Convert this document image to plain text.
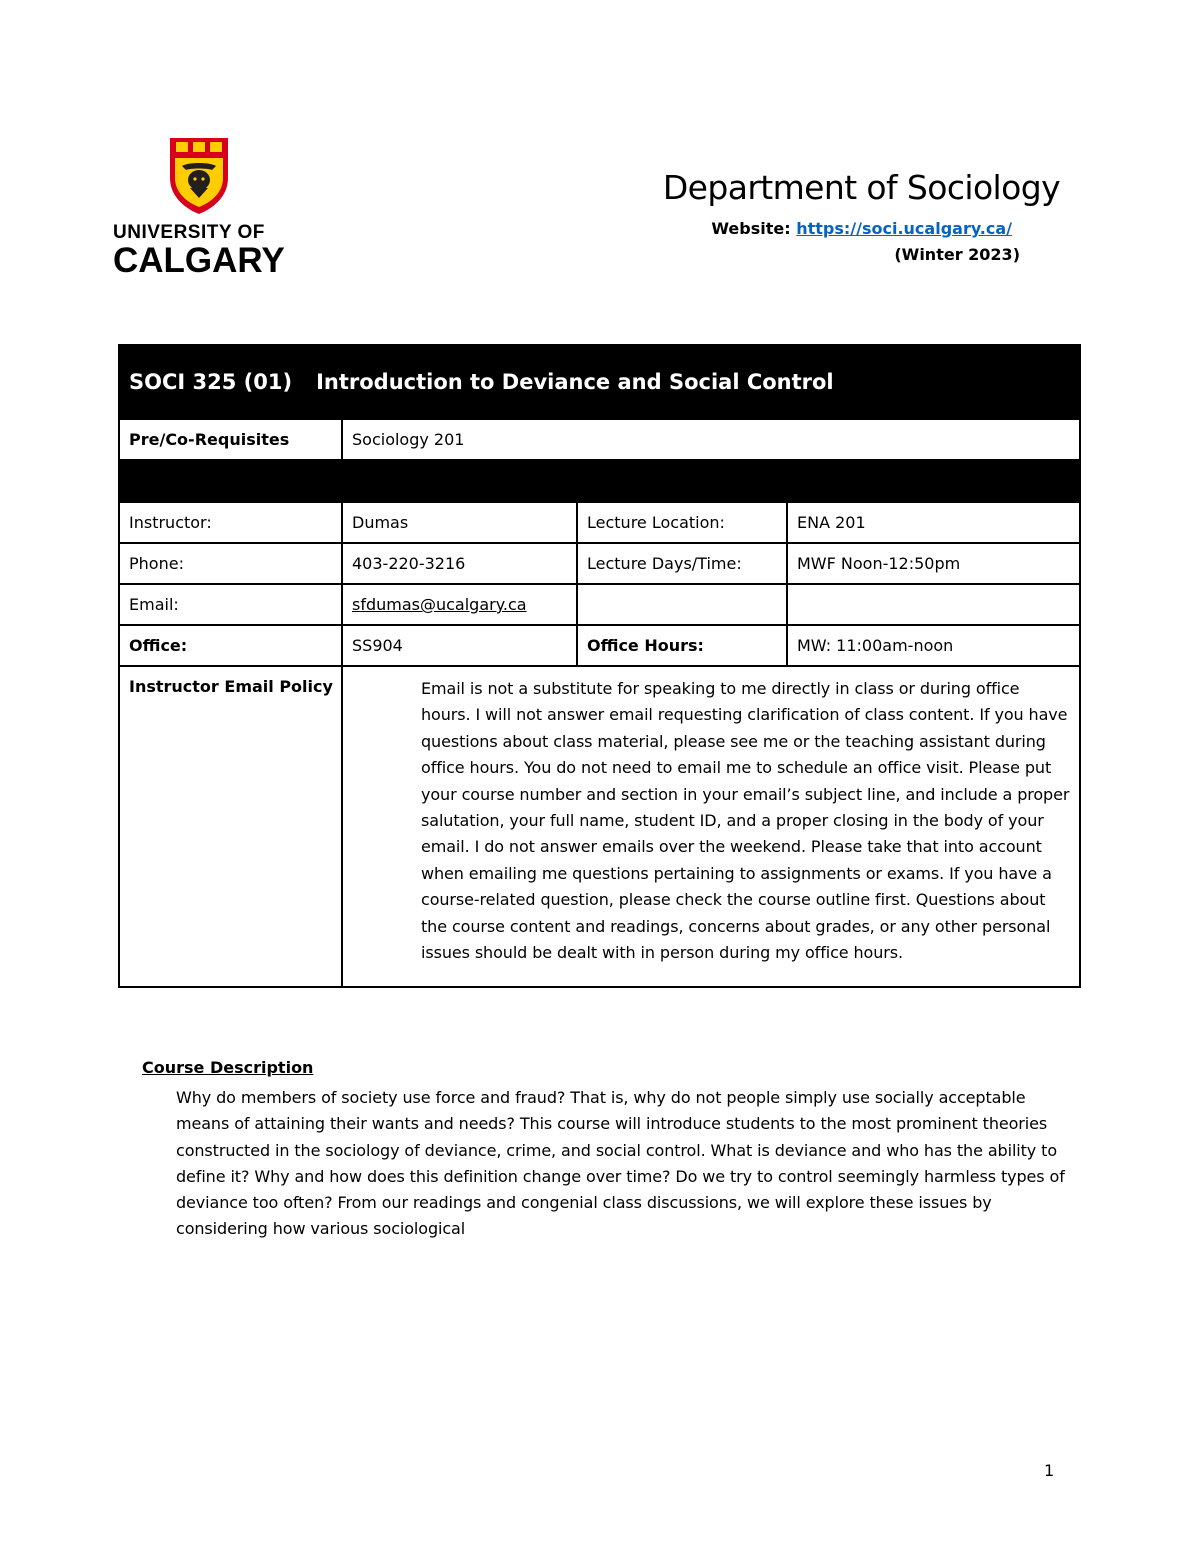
UNIVERSITY OF
CALGARY
Department of Sociology
Website: https://soci.ucalgary.ca/
(Winter 2023)
SOCI 325 (01) Introduction to Deviance and Social Control			
Pre/Co-Requisites	Sociology 201		

Instructor:	Dumas	Lecture Location:	ENA 201
Phone:	403-220-3216	Lecture Days/Time:	MWF Noon-12:50pm
Email:	sfdumas@ucalgary.ca		
Office:	SS904	Office Hours:	MW: 11:00am-noon
Instructor Email Policy	Email is not a substitute for speaking to me directly in class or during office hours. I will not answer email requesting clarification of class content. If you have questions about class material, please see me or the teaching assistant during office hours. You do not need to email me to schedule an office visit. Please put your course number and section in your email’s subject line, and include a proper salutation, your full name, student ID, and a proper closing in the body of your email. I do not answer emails over the weekend. Please take that into account when emailing me questions pertaining to assignments or exams. If you have a course-related question, please check the course outline first. Questions about the course content and readings, concerns about grades, or any other personal issues should be dealt with in person during my office hours.		
Course Description
Why do members of society use force and fraud? That is, why do not people simply use socially acceptable means of attaining their wants and needs? This course will introduce students to the most prominent theories constructed in the sociology of deviance, crime, and social control. What is deviance and who has the ability to define it? Why and how does this definition change over time? Do we try to control seemingly harmless types of deviance too often? From our readings and congenial class discussions, we will explore these issues by considering how various sociological
1
